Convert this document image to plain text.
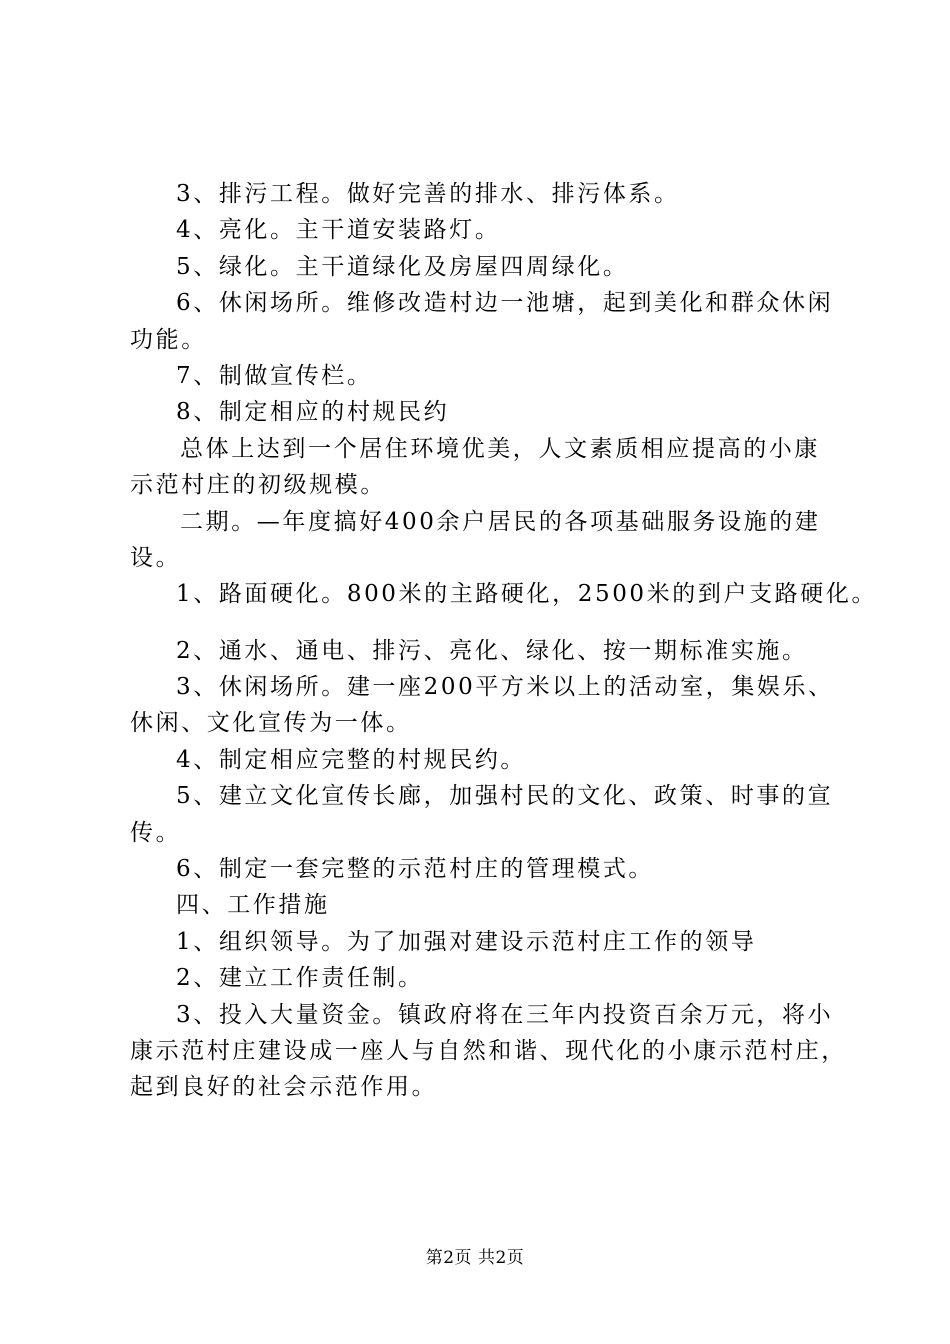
3、排污工程。做好完善的排水、排污体系。
4、亮化。主干道安装路灯。
5、绿化。主干道绿化及房屋四周绿化。
6、休闲场所。维修改造村边一池塘，起到美化和群众休闲
功能。
7、制做宣传栏。
8、制定相应的村规民约
总体上达到一个居住环境优美，人文素质相应提高的小康
示范村庄的初级规模。
二期。—年度搞好400余户居民的各项基础服务设施的建
设。
1、路面硬化。800米的主路硬化，2500米的到户支路硬化。
2、通水、通电、排污、亮化、绿化、按一期标准实施。
3、休闲场所。建一座200平方米以上的活动室，集娱乐、
休闲、文化宣传为一体。
4、制定相应完整的村规民约。
5、建立文化宣传长廊，加强村民的文化、政策、时事的宣
传。
6、制定一套完整的示范村庄的管理模式。
四、工作措施
1、组织领导。为了加强对建设示范村庄工作的领导
2、建立工作责任制。
3、投入大量资金。镇政府将在三年内投资百余万元，将小
康示范村庄建设成一座人与自然和谐、现代化的小康示范村庄，
起到良好的社会示范作用。
第2页 共2页
